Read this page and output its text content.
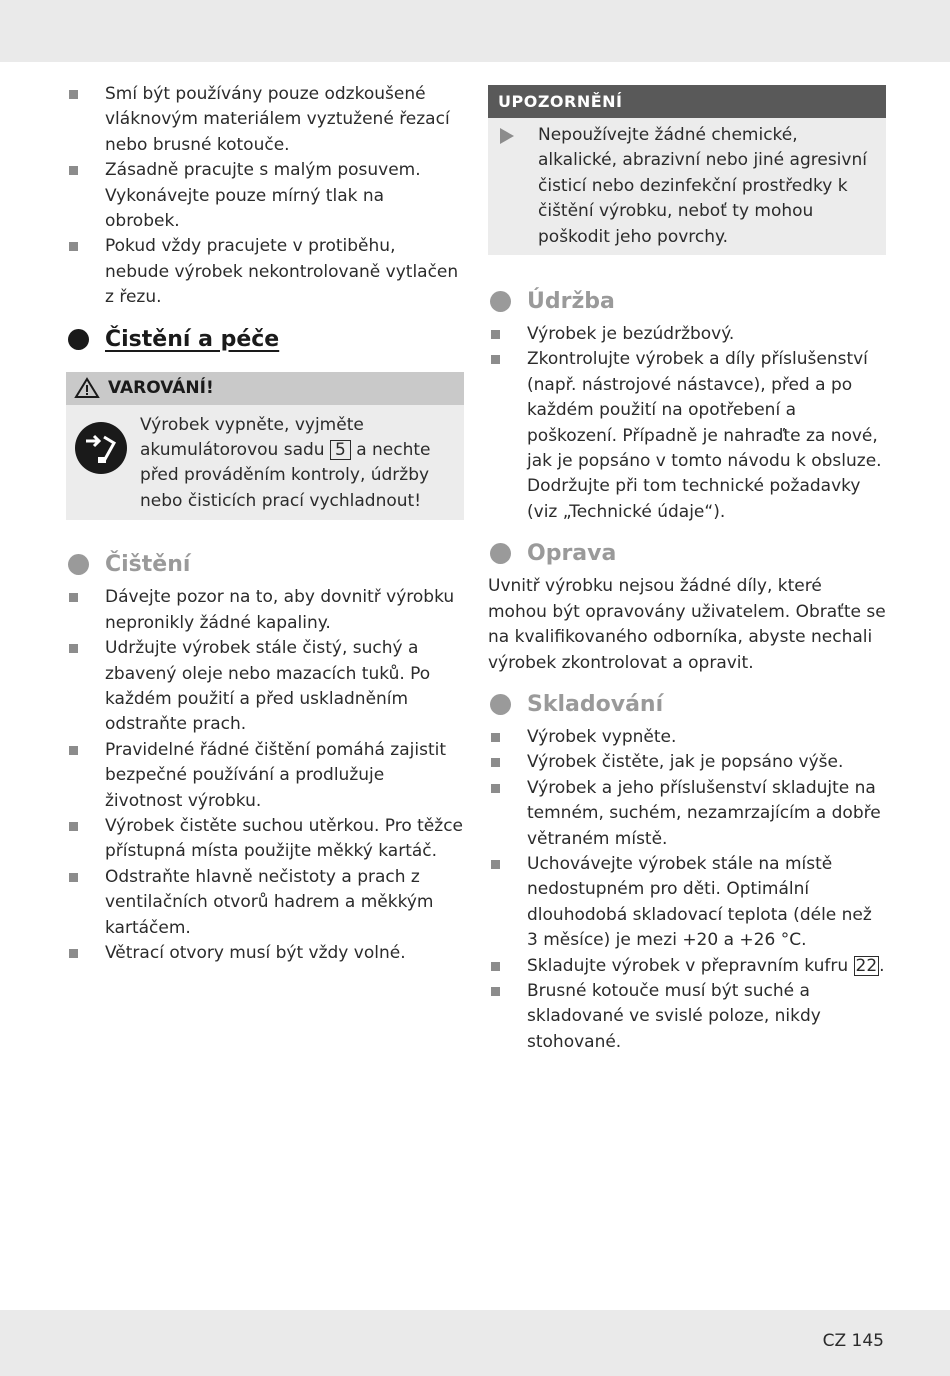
Smí být používány pouze odzkoušené vláknovým materiálem vyztužené řezací nebo brusné kotouče.
Zásadně pracujte s malým posuvem. Vykonávejte pouze mírný tlak na obrobek.
Pokud vždy pracujete v protiběhu, nebude výrobek nekontrolovaně vytlačen z řezu.
Čistění a péče
VAROVÁNÍ!
Výrobek vypněte, vyjměte akumulátorovou sadu 5 a nechte před prováděním kontroly, údržby nebo čisticích prací vychladnout!
Čištění
Dávejte pozor na to, aby dovnitř výrobku nepronikly žádné kapaliny.
Udržujte výrobek stále čistý, suchý a zbavený oleje nebo mazacích tuků. Po každém použití a před uskladněním odstraňte prach.
Pravidelné řádné čištění pomáhá zajistit bezpečné používání a prodlužuje životnost výrobku.
Výrobek čistěte suchou utěrkou. Pro těžce přístupná místa použijte měkký kartáč.
Odstraňte hlavně nečistoty a prach z ventilačních otvorů hadrem a měkkým kartáčem.
Větrací otvory musí být vždy volné.
UPOZORNĚNÍ
Nepoužívejte žádné chemické, alkalické, abrazivní nebo jiné agresivní čisticí nebo dezinfekční prostředky k čištění výrobku, neboť ty mohou poškodit jeho povrchy.
Údržba
Výrobek je bezúdržbový.
Zkontrolujte výrobek a díly příslušenství (např. nástrojové nástavce), před a po každém použití na opotřebení a poškození. Případně je nahraďte za nové, jak je popsáno v tomto návodu k obsluze. Dodržujte při tom technické požadavky (viz „Technické údaje“).
Oprava

Uvnitř výrobku nejsou žádné díly, které mohou být opravovány uživatelem. Obraťte se na kvalifikovaného odborníka, abyste nechali výrobek zkontrolovat a opravit.

Skladování
Výrobek vypněte.
Výrobek čistěte, jak je popsáno výše.
Výrobek a jeho příslušenství skladujte na temném, suchém, nezamrzajícím a dobře větraném místě.
Uchovávejte výrobek stále na místě nedostupném pro děti. Optimální dlouhodobá skladovací teplota (déle než 3 měsíce) je mezi +20 a +26 °C.
Skladujte výrobek v přepravním kufru 22 .
Brusné kotouče musí být suché a skladované ve svislé poloze, nikdy stohované.
CZ 145
